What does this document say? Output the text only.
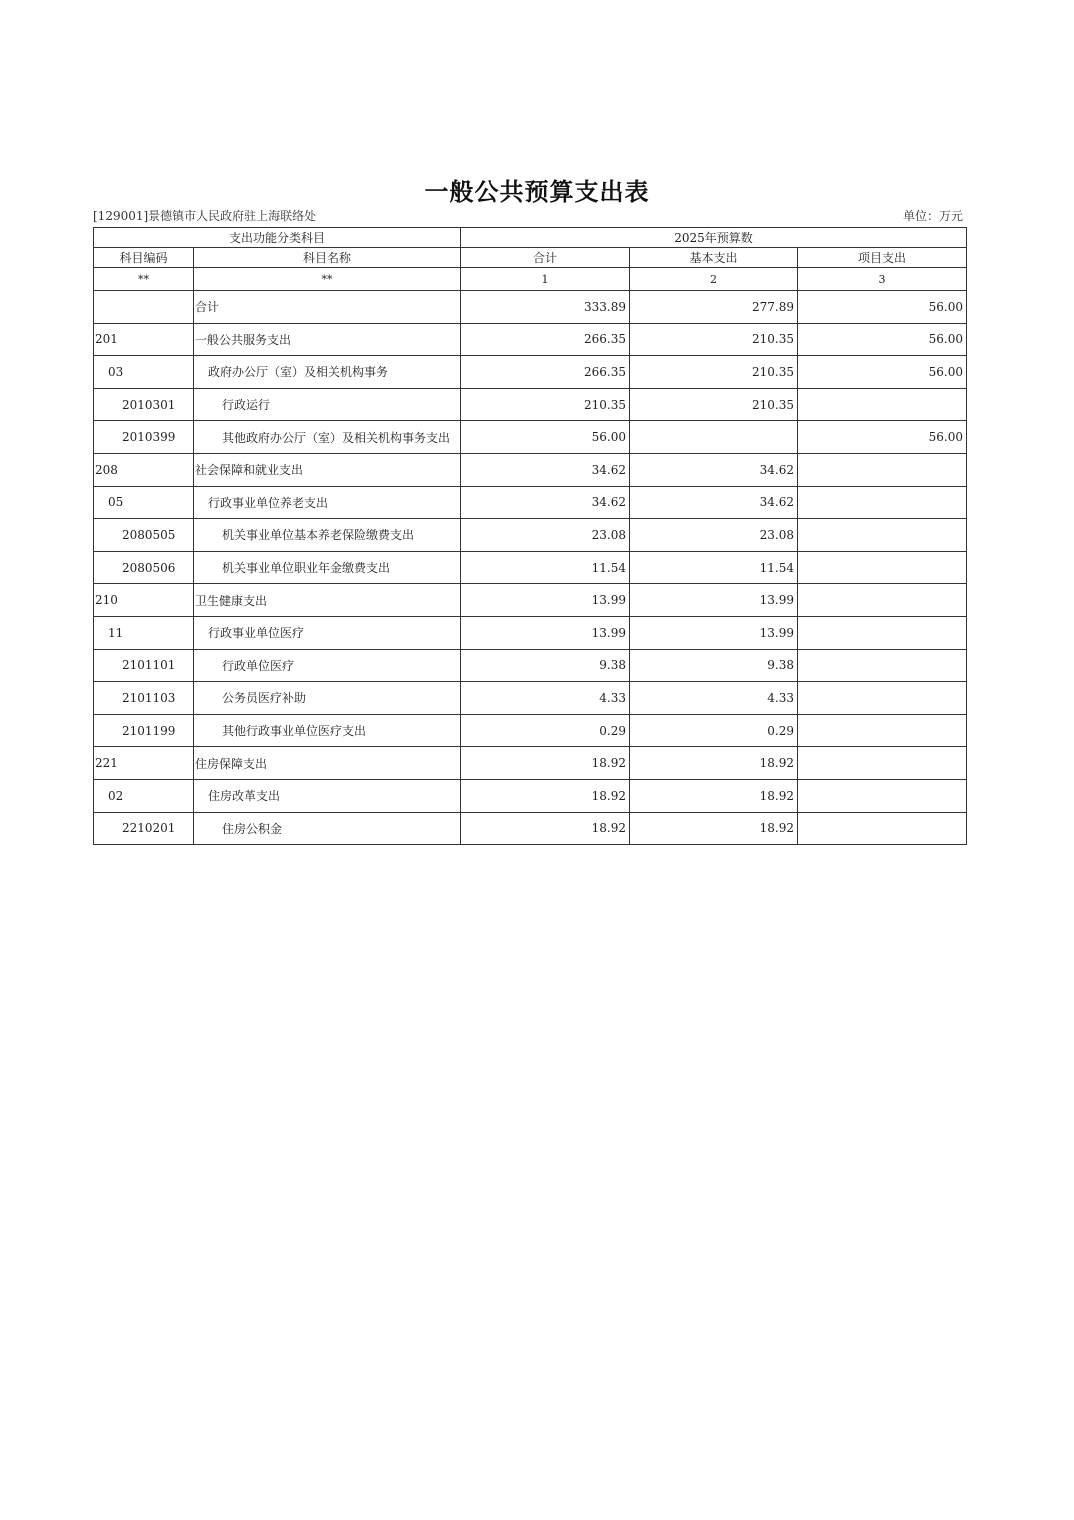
一般公共预算支出表
[129001]景德镇市人民政府驻上海联络处	单位：万元
支出功能分类科目		2025年预算数		
科目编码	科目名称	合计	基本支出	项目支出
**	**	1	2	3
	合计	333.89	277.89	56.00
201	一般公共服务支出	266.35	210.35	56.00
03	政府办公厅（室）及相关机构事务	266.35	210.35	56.00
2010301	行政运行	210.35	210.35	
2010399	其他政府办公厅（室）及相关机构事务支出	56.00		56.00
208	社会保障和就业支出	34.62	34.62	
05	行政事业单位养老支出	34.62	34.62	
2080505	机关事业单位基本养老保险缴费支出	23.08	23.08	
2080506	机关事业单位职业年金缴费支出	11.54	11.54	
210	卫生健康支出	13.99	13.99	
11	行政事业单位医疗	13.99	13.99	
2101101	行政单位医疗	9.38	9.38	
2101103	公务员医疗补助	4.33	4.33	
2101199	其他行政事业单位医疗支出	0.29	0.29	
221	住房保障支出	18.92	18.92	
02	住房改革支出	18.92	18.92	
2210201	住房公积金	18.92	18.92	
